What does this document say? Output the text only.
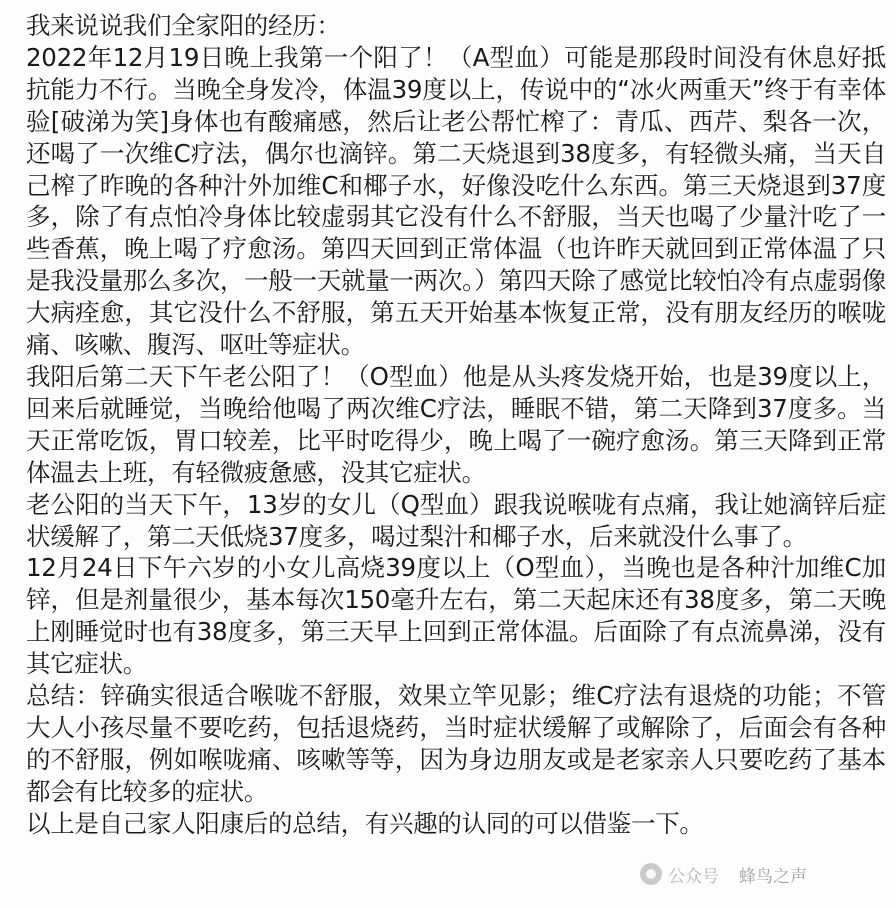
我来说说我们全家阳的经历：

2022年12月19日晚上我第一个阳了！（A型血）可能是那段时间没有休息好抵抗能力不行。当晚全身发冷，体温39度以上，传说中的“冰火两重天”终于有幸体验[破涕为笑]身体也有酸痛感，然后让老公帮忙榨了：青瓜、西芹、梨各一次，还喝了一次维C疗法，偶尔也滴锌。第二天烧退到38度多，有轻微头痛，当天自己榨了昨晚的各种汁外加维C和椰子水，好像没吃什么东西。第三天烧退到37度多，除了有点怕冷身体比较虚弱其它没有什么不舒服，当天也喝了少量汁吃了一些香蕉，晚上喝了疗愈汤。第四天回到正常体温（也许昨天就回到正常体温了只是我没量那么多次，一般一天就量一两次。）第四天除了感觉比较怕冷有点虚弱像大病痊愈，其它没什么不舒服，第五天开始基本恢复正常，没有朋友经历的喉咙痛、咳嗽、腹泻、呕吐等症状。

我阳后第二天下午老公阳了！（O型血）他是从头疼发烧开始，也是39度以上，回来后就睡觉，当晚给他喝了两次维C疗法，睡眠不错，第二天降到37度多。当天正常吃饭，胃口较差，比平时吃得少，晚上喝了一碗疗愈汤。第三天降到正常体温去上班，有轻微疲惫感，没其它症状。

老公阳的当天下午，13岁的女儿（Q型血）跟我说喉咙有点痛，我让她滴锌后症状缓解了，第二天低烧37度多，喝过梨汁和椰子水，后来就没什么事了。

12月24日下午六岁的小女儿高烧39度以上（O型血），当晚也是各种汁加维C加锌，但是剂量很少，基本每次150毫升左右，第二天起床还有38度多，第二天晚上刚睡觉时也有38度多，第三天早上回到正常体温。后面除了有点流鼻涕，没有其它症状。

总结：锌确实很适合喉咙不舒服，效果立竿见影；维C疗法有退烧的功能；不管大人小孩尽量不要吃药，包括退烧药，当时症状缓解了或解除了，后面会有各种的不舒服，例如喉咙痛、咳嗽等等，因为身边朋友或是老家亲人只要吃药了基本都会有比较多的症状。

以上是自己家人阳康后的总结，有兴趣的认同的可以借鉴一下。

公众号 蜂鸟之声
